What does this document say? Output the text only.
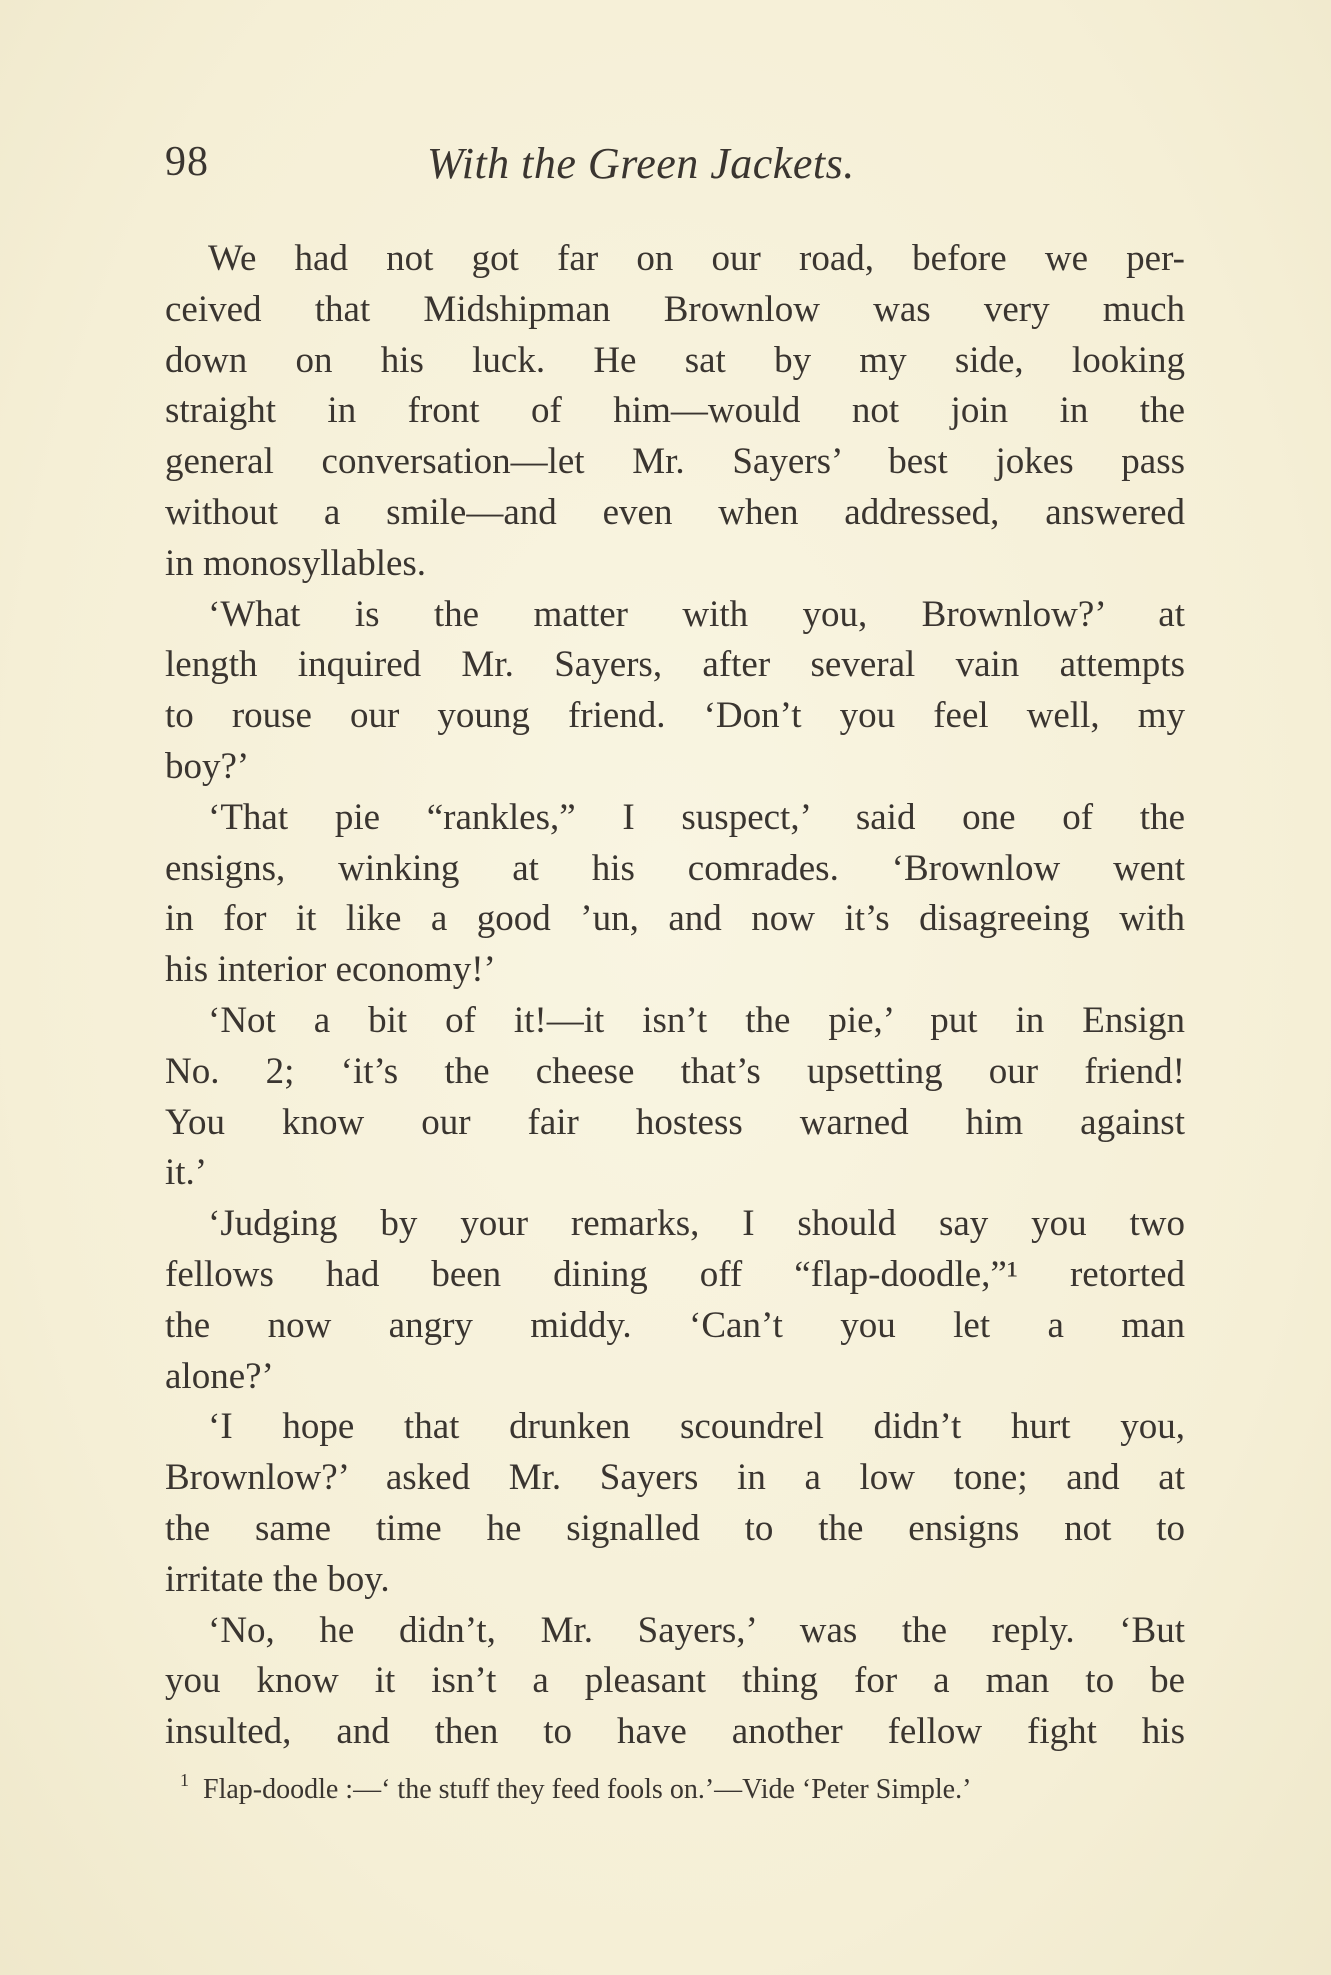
98	With the Green Jackets.
We had not got far on our road, before we per-
ceived that Midshipman Brownlow was very much
down on his luck. He sat by my side, looking
straight in front of him—would not join in the
general conversation—let Mr. Sayers’ best jokes pass
without a smile—and even when addressed, answered
in monosyllables.
‘What is the matter with you, Brownlow?’ at
length inquired Mr. Sayers, after several vain attempts
to rouse our young friend. ‘Don’t you feel well, my
boy?’
‘That pie “rankles,” I suspect,’ said one of the
ensigns, winking at his comrades. ‘Brownlow went
in for it like a good ’un, and now it’s disagreeing with
his interior economy!’
‘Not a bit of it!—it isn’t the pie,’ put in Ensign
No. 2; ‘it’s the cheese that’s upsetting our friend!
You know our fair hostess warned him against
it.’
‘Judging by your remarks, I should say you two
fellows had been dining off “flap-doodle,”¹ retorted
the now angry middy. ‘Can’t you let a man
alone?’
‘I hope that drunken scoundrel didn’t hurt you,
Brownlow?’ asked Mr. Sayers in a low tone; and at
the same time he signalled to the ensigns not to
irritate the boy.
‘No, he didn’t, Mr. Sayers,’ was the reply. ‘But
you know it isn’t a pleasant thing for a man to be
insulted, and then to have another fellow fight his
$^1$ Flap-doodle :—‘ the stuff they feed fools on.’—Vide ‘Peter Simple.’
